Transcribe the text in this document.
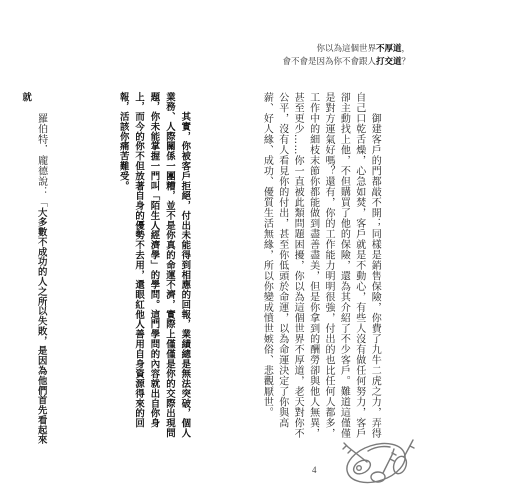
你以為這個世界不厚道，
會不會是因為你不會跟人打交道？

　　御建客戶的門都敲不開；同樣是銷售保險，你費了九牛二虎之力，弄得自己口乾舌燥，心急如焚，客戶就是不動心，有些人沒有做任何努力，客戶卻主動找上他，不但購買了他的保險，還為其介紹了不少客戶。難道這僅僅是對方運氣好嗎？還有，你的工作能力明明很強，付出的也比任何人都多，工作中的細枝末節你都能做到盡善盡美，但是你拿到的酬勞卻與他人無異，甚至更少……你一直被此類問題困擾，你以為這個世界不厚道，老天對你不公平，沒有人看見你的付出，甚至你低頭於命運，以為命運決定了你與高薪、好人緣、成功、優質生活無緣，所以你變成憤世嫉俗、悲觀厭世。

　　其實，你被客戶拒絕，付出未能得到相應的回報，業績總是無法突破，個人業務、人際關係一團糟，並不是你真的命運不濟，實際上僅僅是你的交際出現問題，你未能掌握一門叫「陌生人經濟學」的學問。這門學問的內容就出自你身上，而今的你不但放著自身的優勢不去用，還眼紅他人善用自身資源得來的回報，活該你痛苦難受。

　　羅伯特．龐德說：「大多數不成功的人之所以失敗，是因為他們首先看起來就

4
